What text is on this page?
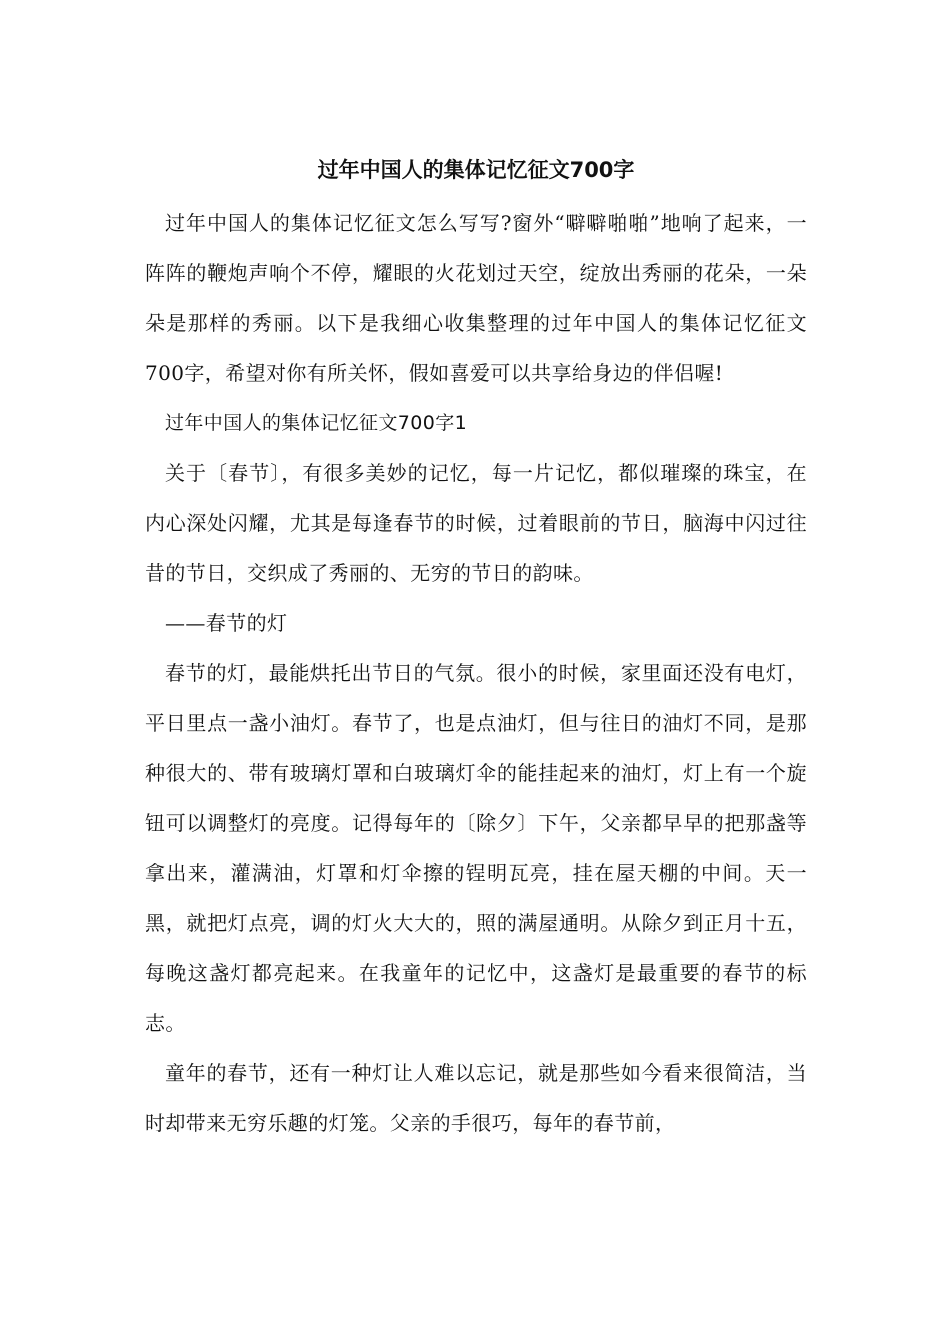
过年中国人的集体记忆征文700字

过年中国人的集体记忆征文怎么写写?窗外“噼噼啪啪”地响了起来，一阵阵的鞭炮声响个不停，耀眼的火花划过天空，绽放出秀丽的花朵，一朵朵是那样的秀丽。以下是我细心收集整理的过年中国人的集体记忆征文700字，希望对你有所关怀，假如喜爱可以共享给身边的伴侣喔!

过年中国人的集体记忆征文700字1

关于〔春节〕，有很多美妙的记忆，每一片记忆，都似璀璨的珠宝，在内心深处闪耀，尤其是每逢春节的时候，过着眼前的节日，脑海中闪过往昔的节日，交织成了秀丽的、无穷的节日的韵味。

——春节的灯

春节的灯，最能烘托出节日的气氛。很小的时候，家里面还没有电灯，平日里点一盏小油灯。春节了，也是点油灯，但与往日的油灯不同，是那种很大的、带有玻璃灯罩和白玻璃灯伞的能挂起来的油灯，灯上有一个旋钮可以调整灯的亮度。记得每年的〔除夕〕下午，父亲都早早的把那盏等拿出来，灌满油，灯罩和灯伞擦的锃明瓦亮，挂在屋天棚的中间。天一黑，就把灯点亮，调的灯火大大的，照的满屋通明。从除夕到正月十五，每晚这盏灯都亮起来。在我童年的记忆中，这盏灯是最重要的春节的标志。

童年的春节，还有一种灯让人难以忘记，就是那些如今看来很简洁，当时却带来无穷乐趣的灯笼。父亲的手很巧，每年的春节前，
